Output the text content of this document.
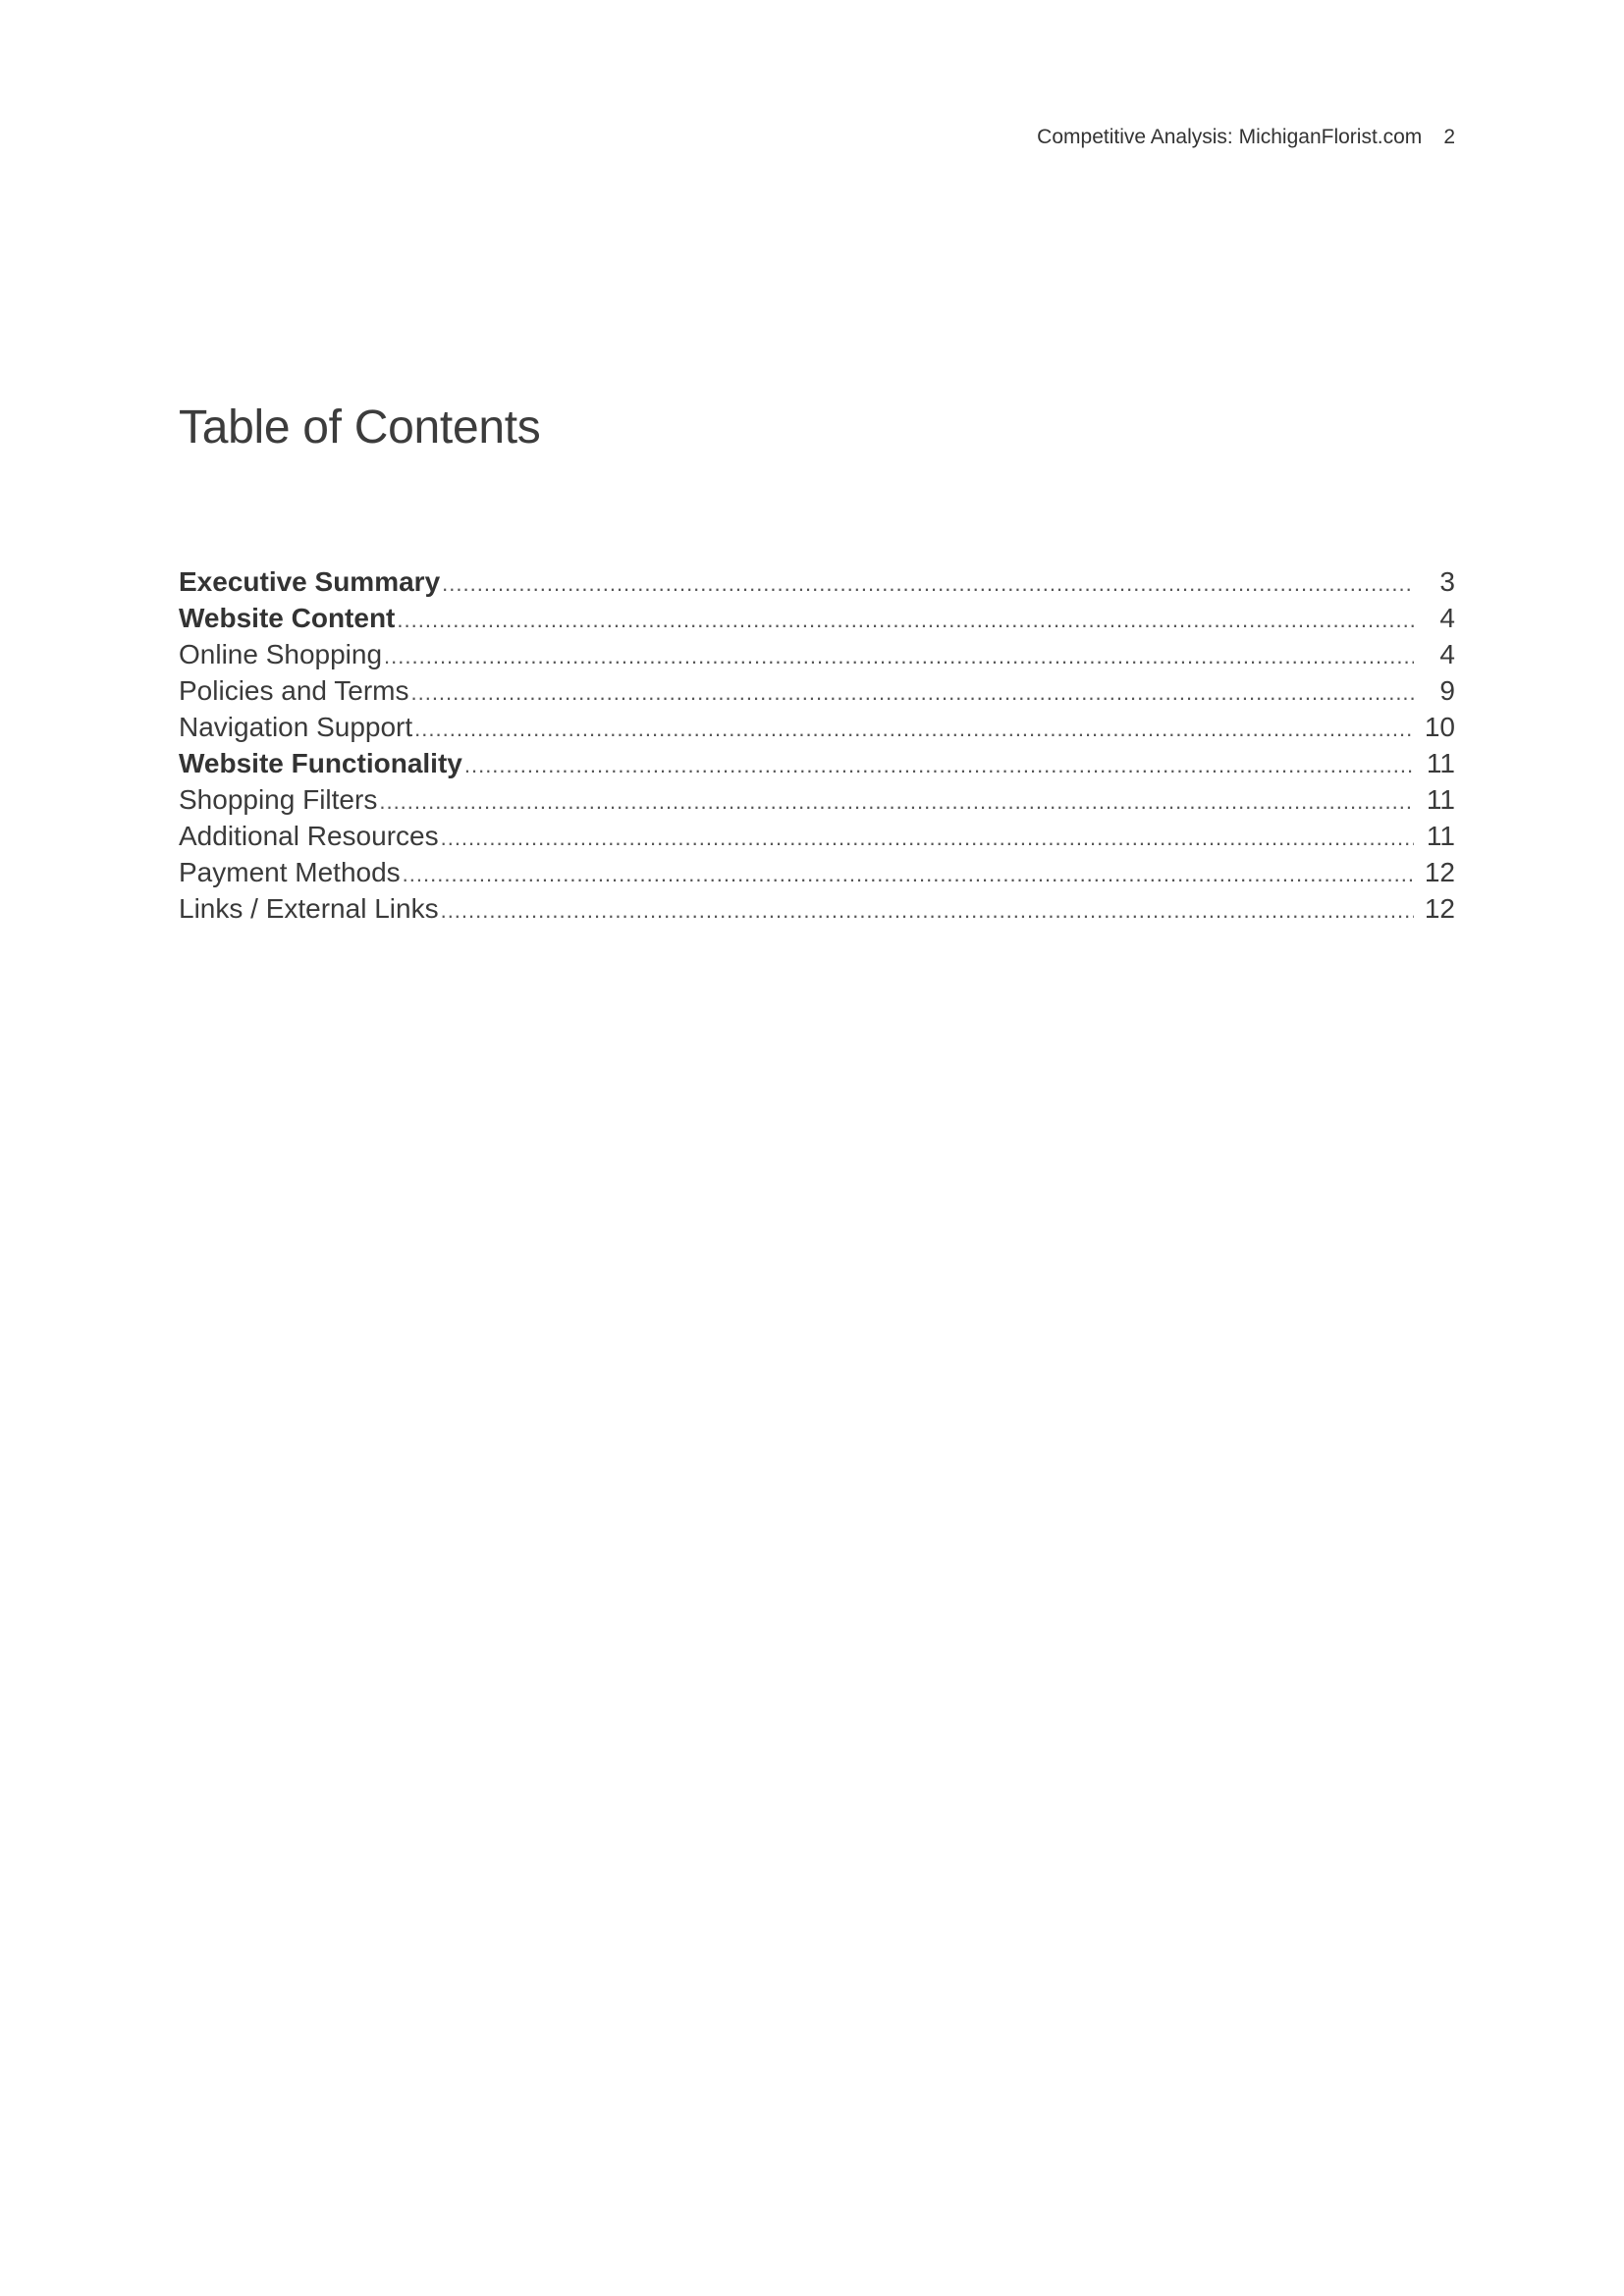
Competitive Analysis: MichiganFlorist.com 2
Table of Contents
Executive Summary .....	3
Website Content .....	4
Online Shopping .....	4
Policies and Terms .....	9
Navigation Support .....	10
Website Functionality .....	11
Shopping Filters .....	11
Additional Resources .....	11
Payment Methods .....	12
Links / External Links .....	12
